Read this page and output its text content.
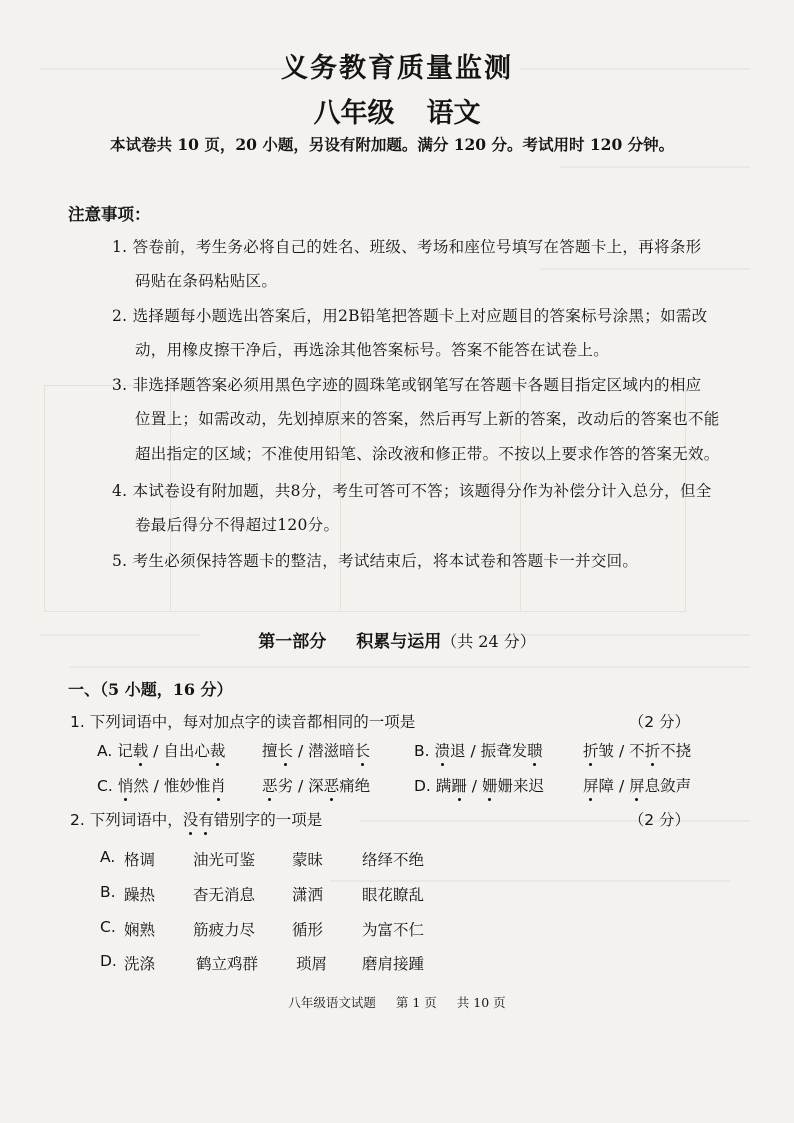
义务教育质量监测
八年级 语文
本试卷共 10 页，20 小题，另设有附加题。满分 120 分。考试用时 120 分钟。
注意事项：
1. 答卷前，考生务必将自己的姓名、班级、考场和座位号填写在答题卡上，再将条形
码贴在条码粘贴区。
2. 选择题每小题选出答案后，用2B铅笔把答题卡上对应题目的答案标号涂黑；如需改
动，用橡皮擦干净后，再选涂其他答案标号。答案不能答在试卷上。
3. 非选择题答案必须用黑色字迹的圆珠笔或钢笔写在答题卡各题目指定区域内的相应
位置上；如需改动，先划掉原来的答案，然后再写上新的答案，改动后的答案也不能
超出指定的区域；不准使用铅笔、涂改液和修正带。不按以上要求作答的答案无效。
4. 本试卷设有附加题，共8分，考生可答可不答；该题得分作为补偿分计入总分，但全
卷最后得分不得超过120分。
5. 考生必须保持答题卡的整洁，考试结束后，将本试卷和答题卡一并交回。
第一部分 积累与运用（共 24 分）
一、（5 小题，16 分）
1. 下列词语中，每对加点字的读音都相同的一项是	（2 分）
A. 记载 / 自出心裁 擅长 / 潜滋暗长	B. 溃退 / 振聋发聩	折皱 / 不折不挠
C. 悄然 / 惟妙惟肖 恶劣 / 深恶痛绝	D. 蹒跚 / 姗姗来迟	屏障 / 屏息敛声
2. 下列词语中，没有错别字的一项是	（2 分）
A. 格调 油光可鉴 蒙昧	络绎不绝
B. 躁热 杳无消息 潇洒	眼花瞭乱
C. 娴熟 筋疲力尽 循形	为富不仁
D. 洗涤	鹤立鸡群 琐屑 磨肩接踵
八年级语文试题 第 1 页 共 10 页
